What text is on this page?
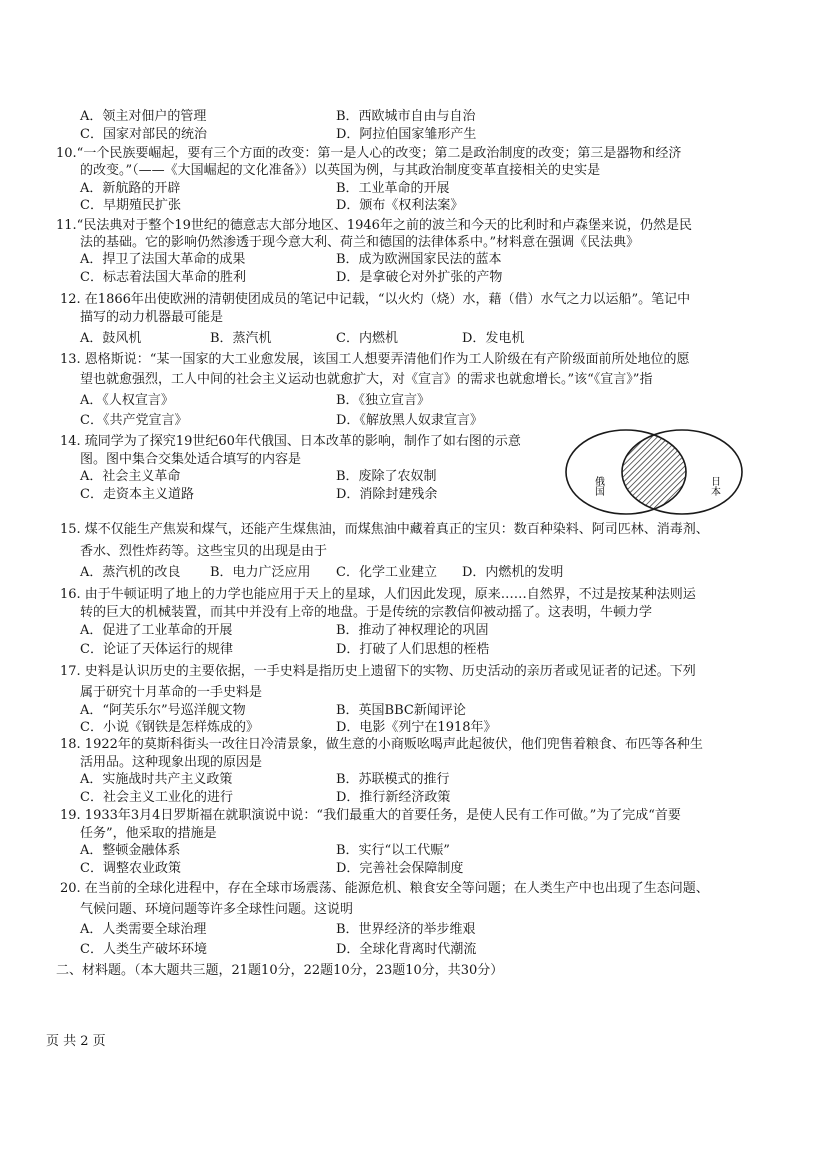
A．领主对佃户的管理	B．西欧城市自由与自治
C．国家对部民的统治	D．阿拉伯国家雏形产生
10.“一个民族要崛起，要有三个方面的改变：第一是人心的改变；第二是政治制度的改变；第三是器物和经济
的改变。”（——《大国崛起的文化准备》）以英国为例，与其政治制度变革直接相关的史实是
A．新航路的开辟	B．工业革命的开展
C．早期殖民扩张	D．颁布《权利法案》
11.“民法典对于整个19世纪的德意志大部分地区、1946年之前的波兰和今天的比利时和卢森堡来说，仍然是民
法的基础。它的影响仍然渗透于现今意大利、荷兰和德国的法律体系中。”材料意在强调《民法典》
A．捍卫了法国大革命的成果	B．成为欧洲国家民法的蓝本
C．标志着法国大革命的胜利	D．是拿破仑对外扩张的产物
12. 在1866年出使欧洲的清朝使团成员的笔记中记载，“以火灼（烧）水，藉（借）水气之力以运船”。笔记中
描写的动力机器最可能是
A．鼓风机	B．蒸汽机	C．内燃机	D．发电机
13. 恩格斯说：“某一国家的大工业愈发展，该国工人想要弄清他们作为工人阶级在有产阶级面前所处地位的愿
望也就愈强烈，工人中间的社会主义运动也就愈扩大，对《宣言》的需求也就愈增长。”该“《宣言》”指
A．《人权宣言》	B．《独立宣言》
C．《共产党宣言》	D．《解放黑人奴隶宣言》
14. 琉同学为了探究19世纪60年代俄国、日本改革的影响，制作了如右图的示意
图。图中集合交集处适合填写的内容是
A．社会主义革命	B．废除了农奴制
C．走资本主义道路	D．消除封建残余	俄国	日本
15. 煤不仅能生产焦炭和煤气，还能产生煤焦油，而煤焦油中藏着真正的宝贝：数百种染料、阿司匹林、消毒剂、
香水、烈性炸药等。这些宝贝的出现是由于
A．蒸汽机的改良 B．电力广泛应用 C．化学工业建立 D．内燃机的发明
16. 由于牛顿证明了地上的力学也能应用于天上的星球，人们因此发现，原来……自然界，不过是按某种法则运
转的巨大的机械装置，而其中并没有上帝的地盘。于是传统的宗教信仰被动摇了。这表明，牛顿力学
A．促进了工业革命的开展	B．推动了神权理论的巩固
C．论证了天体运行的规律	D．打破了人们思想的桎梏
17. 史料是认识历史的主要依据，一手史料是指历史上遗留下的实物、历史活动的亲历者或见证者的记述。下列
属于研究十月革命的一手史料是
A．“阿芙乐尔”号巡洋舰文物	B．英国BBC新闻评论
C．小说《钢铁是怎样炼成的》	D．电影《列宁在1918年》
18. 1922年的莫斯科街头一改往日冷清景象，做生意的小商贩吆喝声此起彼伏，他们兜售着粮食、布匹等各种生
活用品。这种现象出现的原因是
A．实施战时共产主义政策	B．苏联模式的推行
C．社会主义工业化的进行	D．推行新经济政策
19. 1933年3月4日罗斯福在就职演说中说：“我们最重大的首要任务，是使人民有工作可做。”为了完成“首要
任务”，他采取的措施是
A．整顿金融体系	B．实行“以工代赈”
C．调整农业政策	D．完善社会保障制度
20. 在当前的全球化进程中，存在全球市场震荡、能源危机、粮食安全等问题；在人类生产中也出现了生态问题、
气候问题、环境问题等许多全球性问题。这说明
A．人类需要全球治理	B．世界经济的举步维艰
C．人类生产破坏环境	D．全球化背离时代潮流
二、材料题。（本大题共三题，21题10分，22题10分，23题10分，共30分）
页 共 2 页
